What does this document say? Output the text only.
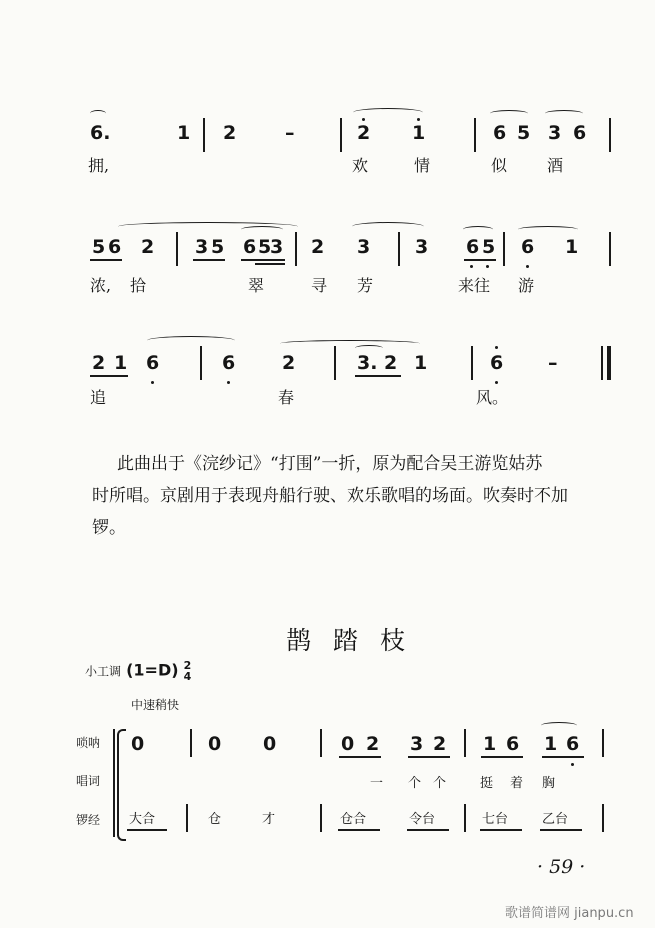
6.	1 2	–	2 1	6 5 3 6
拥,	欢	情	似 酒
5 6 2 3 5 6 5
3 2 3 3 6 5 6 1
浓, 拾	翠	寻 芳	来往 游
2 1 6	6 2	3. 2 1	6 –
追	春	风。
此曲出于《浣纱记》“打围”一折，原为配合吴王游览姑苏
时所唱。京剧用于表现舟船行驶、欢乐歌唱的场面。吹奏时不加
锣。
鹊踏枝
小工调 (1=D) 2
4
中速稍快
唢呐
唱词
锣经
0	0 0	0 2 3 2 1 6 1 6
一 个 个	挺 着 胸
大合	仓	才	仓合	令台	七台	乙台
· 59 ·
歌谱简谱网 jianpu.cn
